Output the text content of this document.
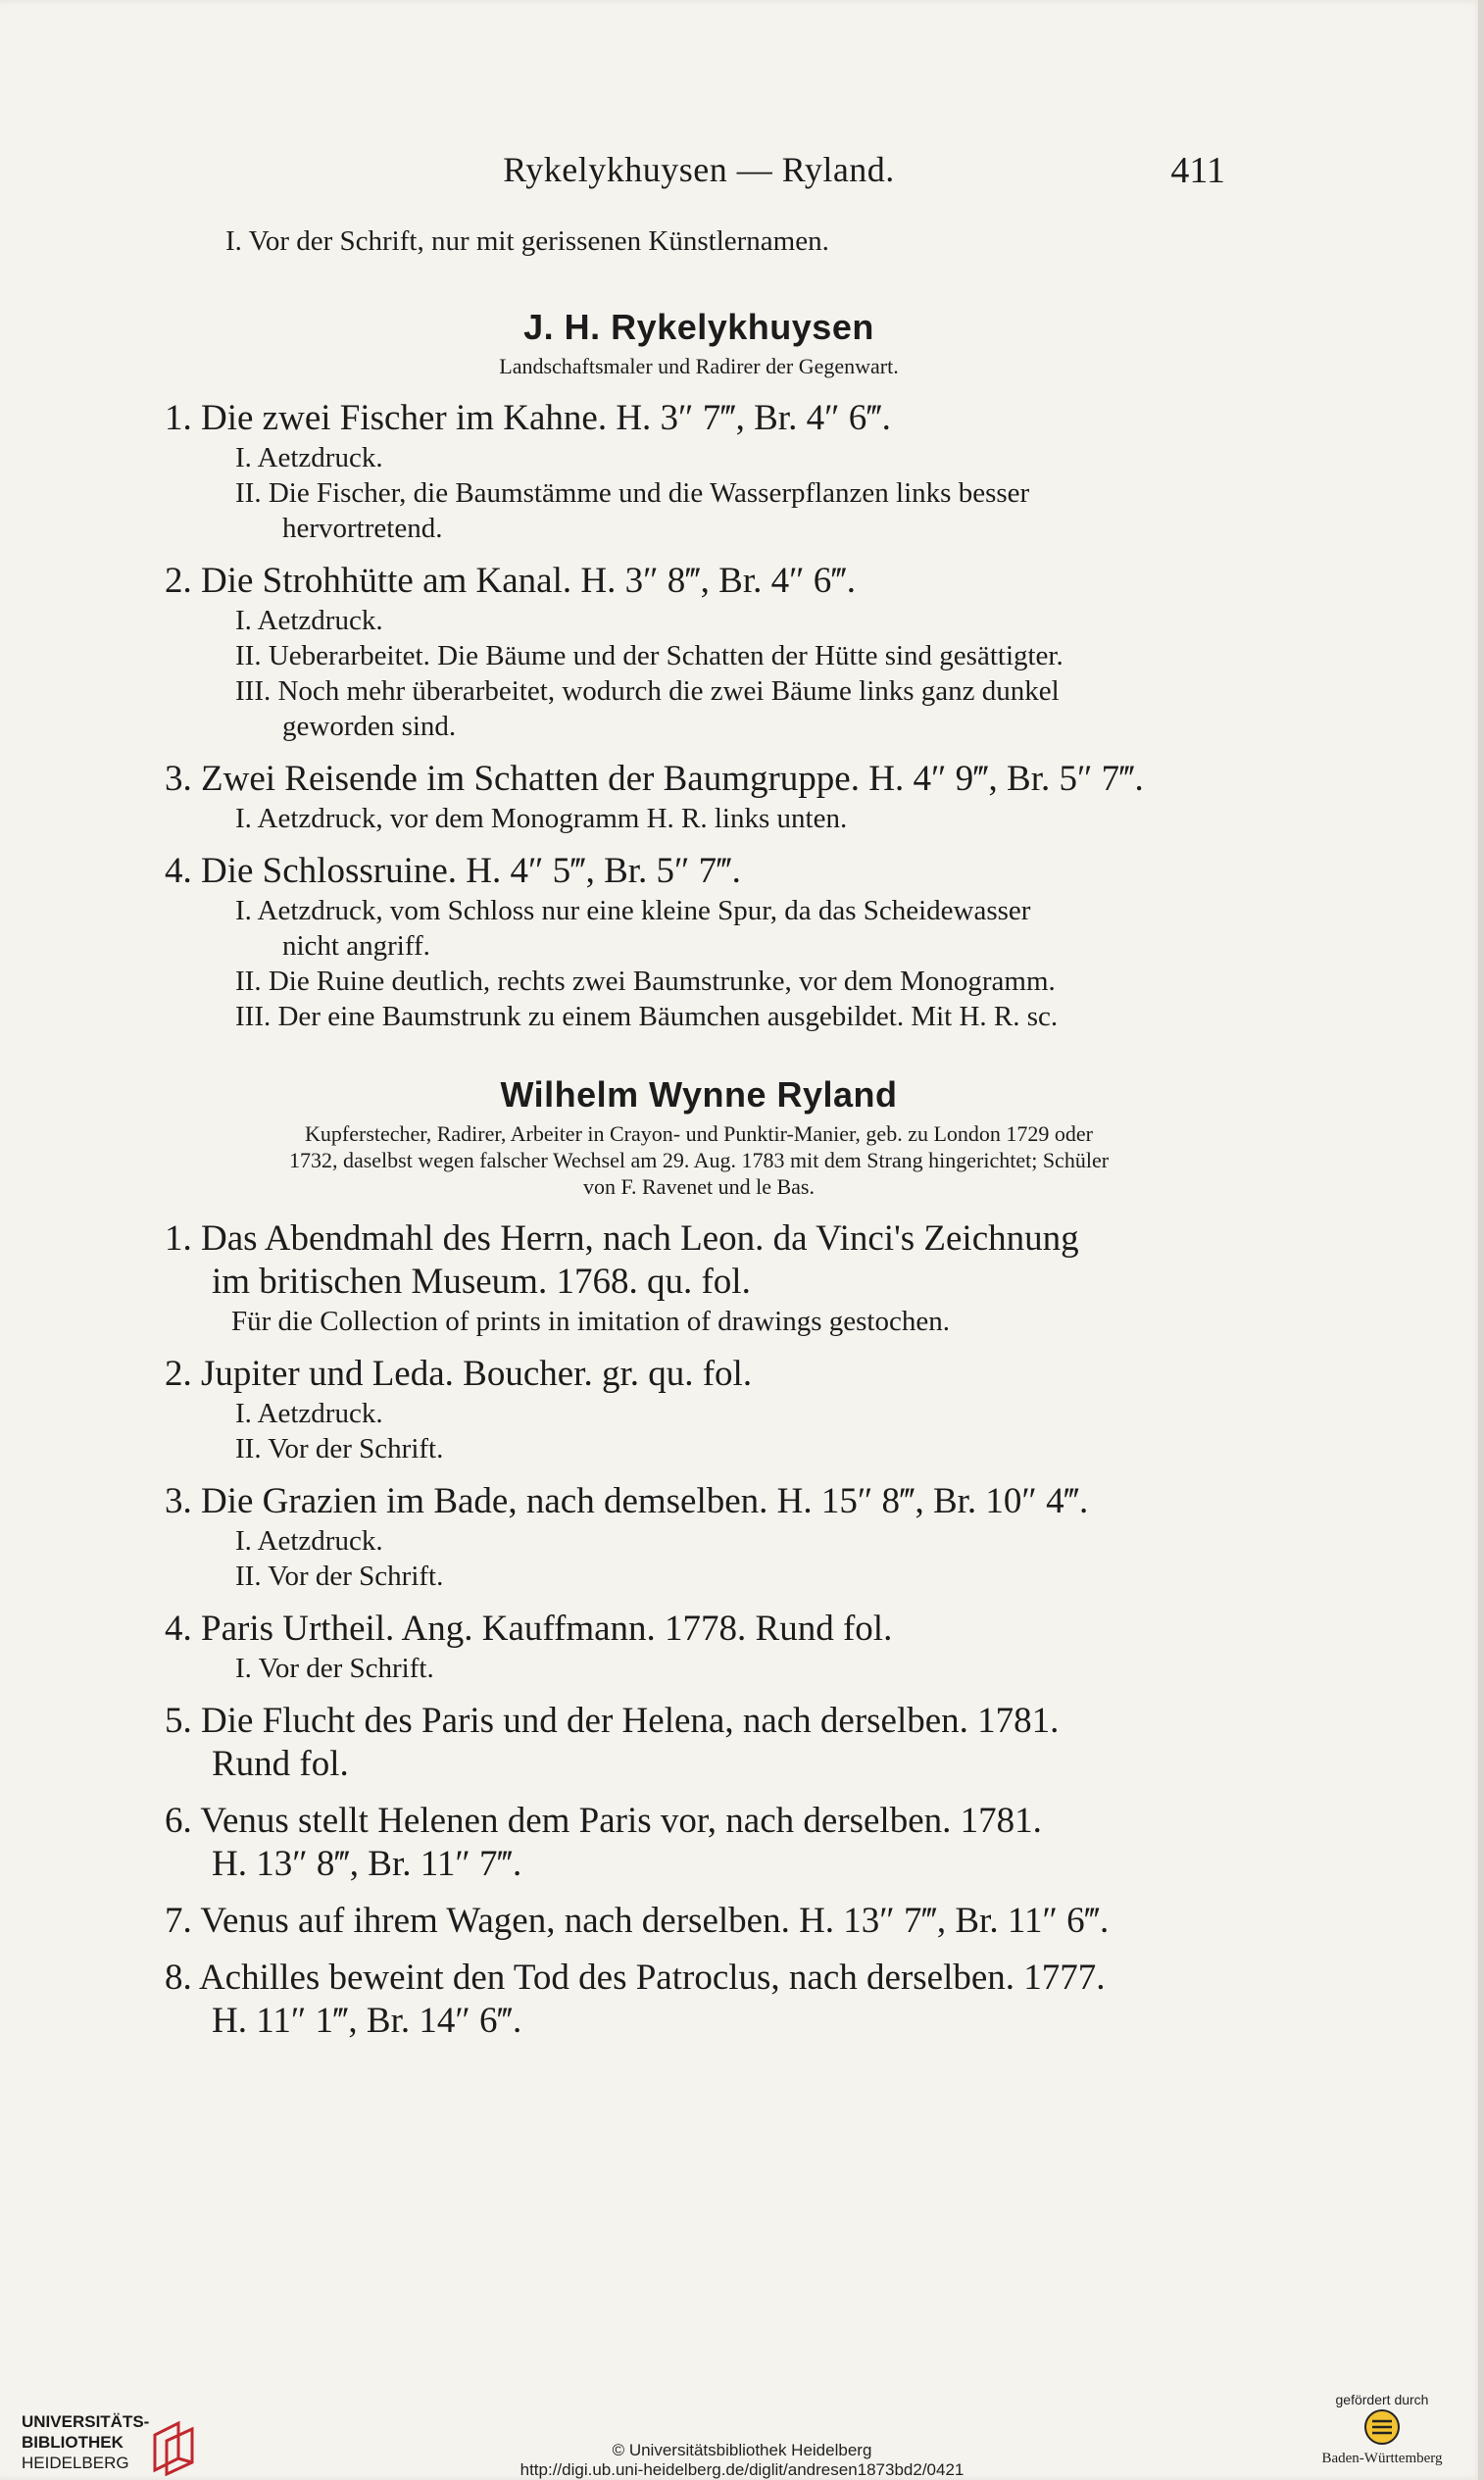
Rykelykhuysen — Ryland.	411
I. Vor der Schrift, nur mit gerissenen Künstlernamen.
J. H. Rykelykhuysen
Landschaftsmaler und Radirer der Gegenwart.
1. Die zwei Fischer im Kahne. H. 3″ 7‴, Br. 4″ 6‴.
I. Aetzdruck.
II. Die Fischer, die Baumstämme und die Wasserpflanzen links besser
hervortretend.
2. Die Strohhütte am Kanal. H. 3″ 8‴, Br. 4″ 6‴.
I. Aetzdruck.
II. Ueberarbeitet. Die Bäume und der Schatten der Hütte sind gesättigter.
III. Noch mehr überarbeitet, wodurch die zwei Bäume links ganz dunkel
geworden sind.
3. Zwei Reisende im Schatten der Baumgruppe. H. 4″ 9‴, Br. 5″ 7‴.
I. Aetzdruck, vor dem Monogramm H. R. links unten.
4. Die Schlossruine. H. 4″ 5‴, Br. 5″ 7‴.
I. Aetzdruck, vom Schloss nur eine kleine Spur, da das Scheidewasser
nicht angriff.
II. Die Ruine deutlich, rechts zwei Baumstrunke, vor dem Monogramm.
III. Der eine Baumstrunk zu einem Bäumchen ausgebildet. Mit H. R. sc.
Wilhelm Wynne Ryland
Kupferstecher, Radirer, Arbeiter in Crayon- und Punktir-Manier, geb. zu London 1729 oder
1732, daselbst wegen falscher Wechsel am 29. Aug. 1783 mit dem Strang hingerichtet; Schüler
von F. Ravenet und le Bas.
1. Das Abendmahl des Herrn, nach Leon. da Vinci's Zeichnung
im britischen Museum. 1768. qu. fol.
Für die Collection of prints in imitation of drawings gestochen.
2. Jupiter und Leda. Boucher. gr. qu. fol.
I. Aetzdruck.
II. Vor der Schrift.
3. Die Grazien im Bade, nach demselben. H. 15″ 8‴, Br. 10″ 4‴.
I. Aetzdruck.
II. Vor der Schrift.
4. Paris Urtheil. Ang. Kauffmann. 1778. Rund fol.
I. Vor der Schrift.
5. Die Flucht des Paris und der Helena, nach derselben. 1781.
Rund fol.
6. Venus stellt Helenen dem Paris vor, nach derselben. 1781.
H. 13″ 8‴, Br. 11″ 7‴.
7. Venus auf ihrem Wagen, nach derselben. H. 13″ 7‴, Br. 11″ 6‴.
8. Achilles beweint den Tod des Patroclus, nach derselben. 1777.
H. 11″ 1‴, Br. 14″ 6‴.
UNIVERSITÄTS-
BIBLIOTHEK
HEIDELBERG
© Universitätsbibliothek Heidelberg
http://digi.ub.uni-heidelberg.de/diglit/andresen1873bd2/0421
gefördert durch
Baden-Württemberg
